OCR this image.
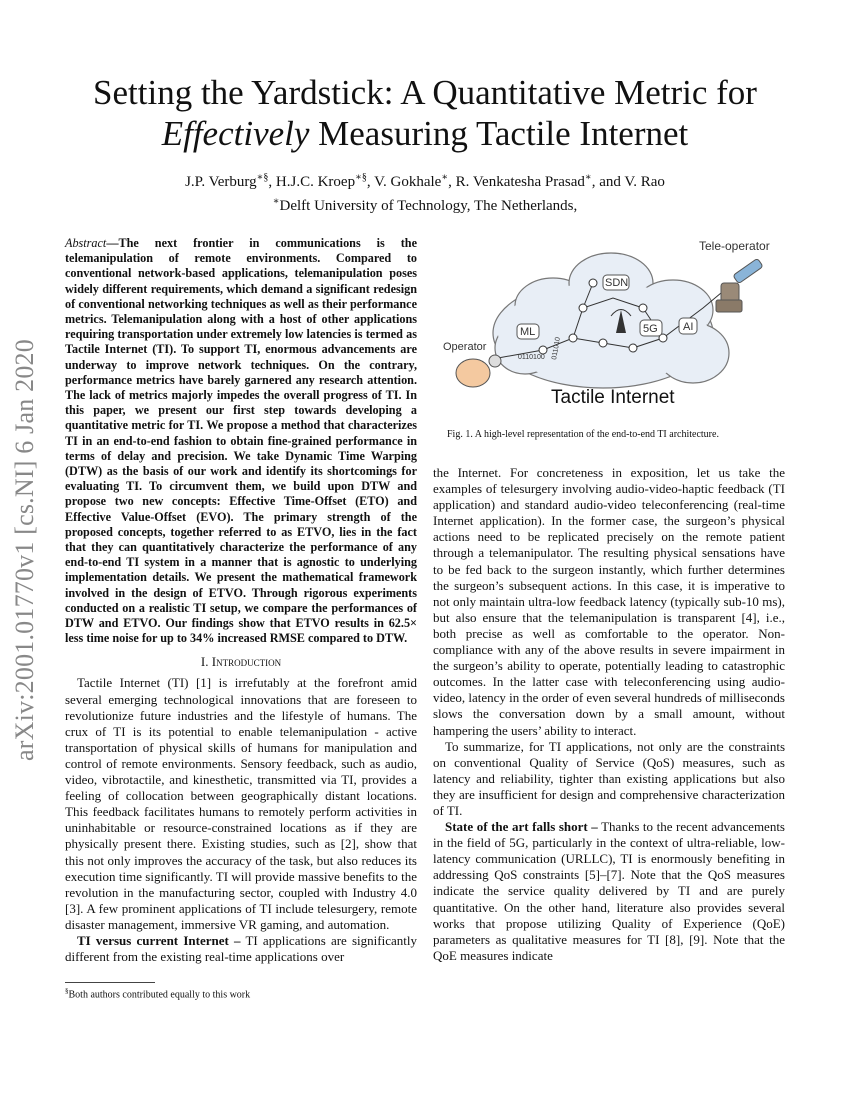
arXiv:2001.01770v1 [cs.NI] 6 Jan 2020
Setting the Yardstick: A Quantitative Metric for
Effectively Measuring Tactile Internet
J.P. Verburg∗§, H.J.C. Kroep∗§, V. Gokhale∗, R. Venkatesha Prasad∗, and V. Rao
∗Delft University of Technology, The Netherlands,

Abstract—The next frontier in communications is the telemanipulation of remote environments. Compared to conventional network-based applications, telemanipulation poses widely different requirements, which demand a significant redesign of conventional networking techniques as well as their performance metrics. Telemanipulation along with a host of other applications requiring transportation under extremely low latencies is termed as Tactile Internet (TI). To support TI, enormous advancements are underway to improve network techniques. On the contrary, performance metrics have barely garnered any research attention. The lack of metrics majorly impedes the overall progress of TI. In this paper, we present our first step towards developing a quantitative metric for TI. We propose a method that characterizes TI in an end-to-end fashion to obtain fine-grained performance in terms of delay and precision. We take Dynamic Time Warping (DTW) as the basis of our work and identify its shortcomings for evaluating TI. To circumvent them, we build upon DTW and propose two new concepts: Effective Time-Offset (ETO) and Effective Value-Offset (EVO). The primary strength of the proposed concepts, together referred to as ETVO, lies in the fact that they can quantitatively characterize the performance of any end-to-end TI system in a manner that is agnostic to underlying implementation details. We present the mathematical framework involved in the design of ETVO. Through rigorous experiments conducted on a realistic TI setup, we compare the performances of DTW and ETVO. Our findings show that ETVO results in 62.5× less time noise for up to 34% increased RMSE compared to DTW.

I. Introduction

Tactile Internet (TI) [1] is irrefutably at the forefront amid several emerging technological innovations that are foreseen to revolutionize future industries and the lifestyle of humans. The crux of TI is its potential to enable telemanipulation - active transportation of physical skills of humans for manipulation and control of remote environments. Sensory feedback, such as audio, video, vibrotactile, and kinesthetic, transmitted via TI, provides a feeling of collocation between geographically distant locations. This feedback facilitates humans to remotely perform activities in uninhabitable or resource-constrained locations as if they are physically present there. Existing studies, such as [2], show that this not only improves the accuracy of the task, but also reduces its execution time significantly. TI will provide massive benefits to the revolution in the manufacturing sector, coupled with Industry 4.0 [3]. A few prominent applications of TI include telesurgery, remote disaster management, immersive VR gaming, and automation.

TI versus current Internet – TI applications are significantly different from the existing real-time applications over

§Both authors contributed equally to this work
SDN
5G AI
ML
0110100 011010
Tele-operator
Operator
Tactile Internet
Fig. 1. A high-level representation of the end-to-end TI architecture.

the Internet. For concreteness in exposition, let us take the examples of telesurgery involving audio-video-haptic feedback (TI application) and standard audio-video teleconferencing (real-time Internet application). In the former case, the surgeon’s physical actions need to be replicated precisely on the remote patient through a telemanipulator. The resulting physical sensations have to be fed back to the surgeon instantly, which further determines the surgeon’s subsequent actions. In this case, it is imperative to not only maintain ultra-low feedback latency (typically sub-10 ms), but also ensure that the telemanipulation is transparent [4], i.e., both precise as well as comfortable to the operator. Non-compliance with any of the above results in severe impairment in the surgeon’s ability to operate, potentially leading to catastrophic outcomes. In the latter case with teleconferencing using audio-video, latency in the order of even several hundreds of milliseconds slows the conversation down by a small amount, without hampering the users’ ability to interact.

To summarize, for TI applications, not only are the constraints on conventional Quality of Service (QoS) measures, such as latency and reliability, tighter than existing applications but also they are insufficient for design and comprehensive characterization of TI.

State of the art falls short – Thanks to the recent advancements in the field of 5G, particularly in the context of ultra-reliable, low-latency communication (URLLC), TI is enormously benefiting in addressing QoS constraints [5]–[7]. Note that the QoS measures indicate the service quality delivered by TI and are purely quantitative. On the other hand, literature also provides several works that propose utilizing Quality of Experience (QoE) parameters as qualitative measures for TI [8], [9]. Note that the QoE measures indicate
